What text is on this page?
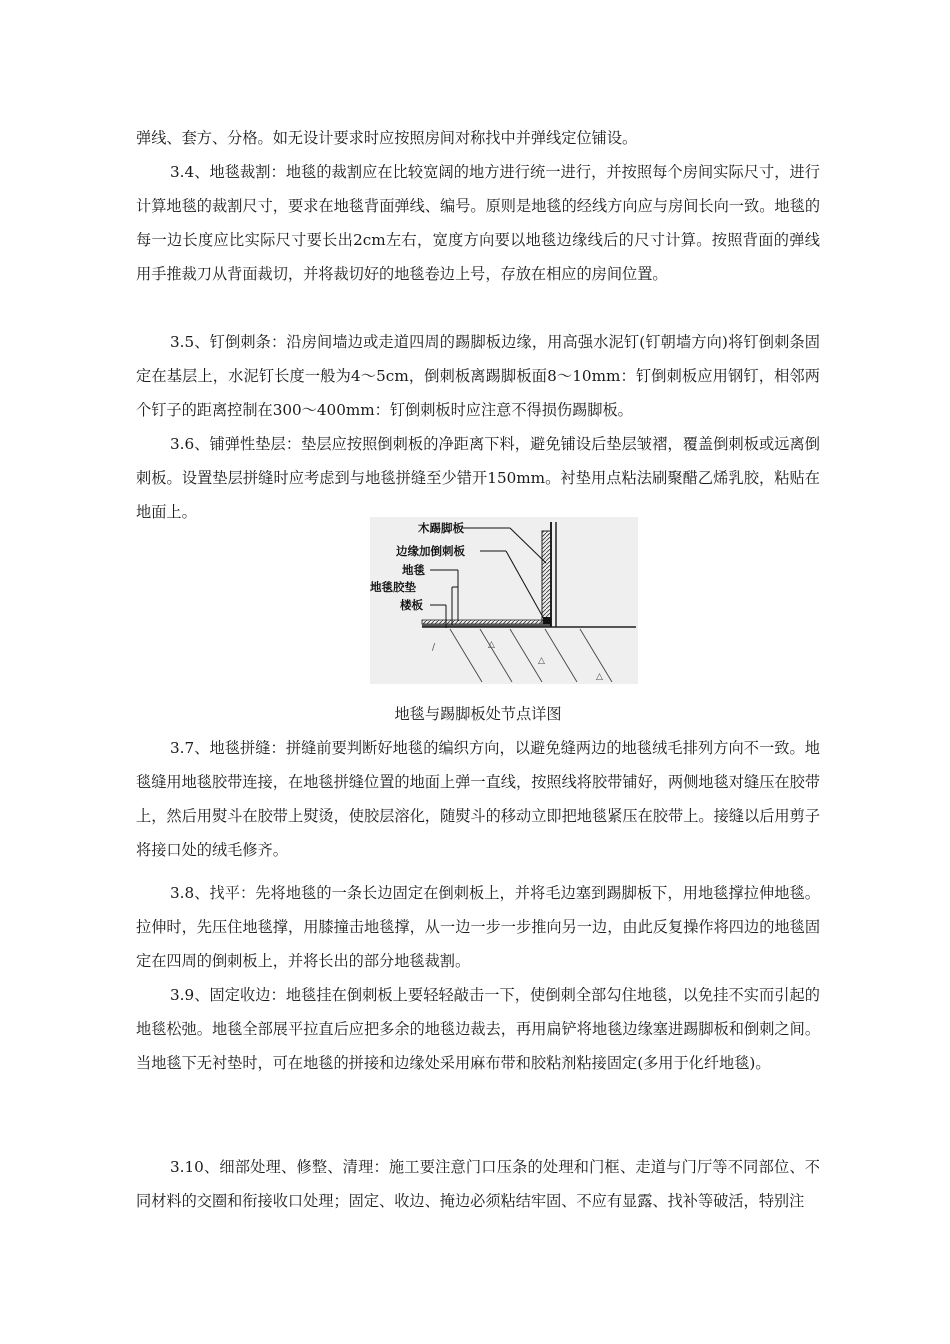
弹线、套方、分格。如无设计要求时应按照房间对称找中并弹线定位铺设。

3.4、地毯裁割：地毯的裁割应在比较宽阔的地方进行统一进行，并按照每个房间实际尺寸，进行计算地毯的裁割尺寸，要求在地毯背面弹线、编号。原则是地毯的经线方向应与房间长向一致。地毯的每一边长度应比实际尺寸要长出2cm左右，宽度方向要以地毯边缘线后的尺寸计算。按照背面的弹线用手推裁刀从背面裁切，并将裁切好的地毯卷边上号，存放在相应的房间位置。

3.5、钉倒刺条：沿房间墙边或走道四周的踢脚板边缘，用高强水泥钉(钉朝墙方向)将钉倒刺条固定在基层上，水泥钉长度一般为4～5cm，倒刺板离踢脚板面8～10mm：钉倒刺板应用钢钉，相邻两个钉子的距离控制在300～400mm：钉倒刺板时应注意不得损伤踢脚板。

3.6、铺弹性垫层：垫层应按照倒刺板的净距离下料，避免铺设后垫层皱褶，覆盖倒刺板或远离倒刺板。设置垫层拼缝时应考虑到与地毯拼缝至少错开150mm。衬垫用点粘法刷聚醋乙烯乳胶，粘贴在地面上。

/	△
△
△
木踢脚板
边缘加倒刺板
地毯
地毯胶垫
楼板
地毯与踢脚板处节点详图

3.7、地毯拼缝：拼缝前要判断好地毯的编织方向，以避免缝两边的地毯绒毛排列方向不一致。地毯缝用地毯胶带连接，在地毯拼缝位置的地面上弹一直线，按照线将胶带铺好，两侧地毯对缝压在胶带上，然后用熨斗在胶带上熨烫，使胶层溶化，随熨斗的移动立即把地毯紧压在胶带上。接缝以后用剪子将接口处的绒毛修齐。

3.8、找平：先将地毯的一条长边固定在倒刺板上，并将毛边塞到踢脚板下，用地毯撑拉伸地毯。拉伸时，先压住地毯撑，用膝撞击地毯撑，从一边一步一步推向另一边，由此反复操作将四边的地毯固定在四周的倒刺板上，并将长出的部分地毯裁割。

3.9、固定收边：地毯挂在倒刺板上要轻轻敲击一下，使倒刺全部勾住地毯，以免挂不实而引起的地毯松弛。地毯全部展平拉直后应把多余的地毯边裁去，再用扁铲将地毯边缘塞进踢脚板和倒刺之间。当地毯下无衬垫时，可在地毯的拼接和边缘处采用麻布带和胶粘剂粘接固定(多用于化纤地毯)。

3.10、细部处理、修整、清理：施工要注意门口压条的处理和门框、走道与门厅等不同部位、不同材料的交圈和衔接收口处理；固定、收边、掩边必须粘结牢固、不应有显露、找补等破活，特别注
